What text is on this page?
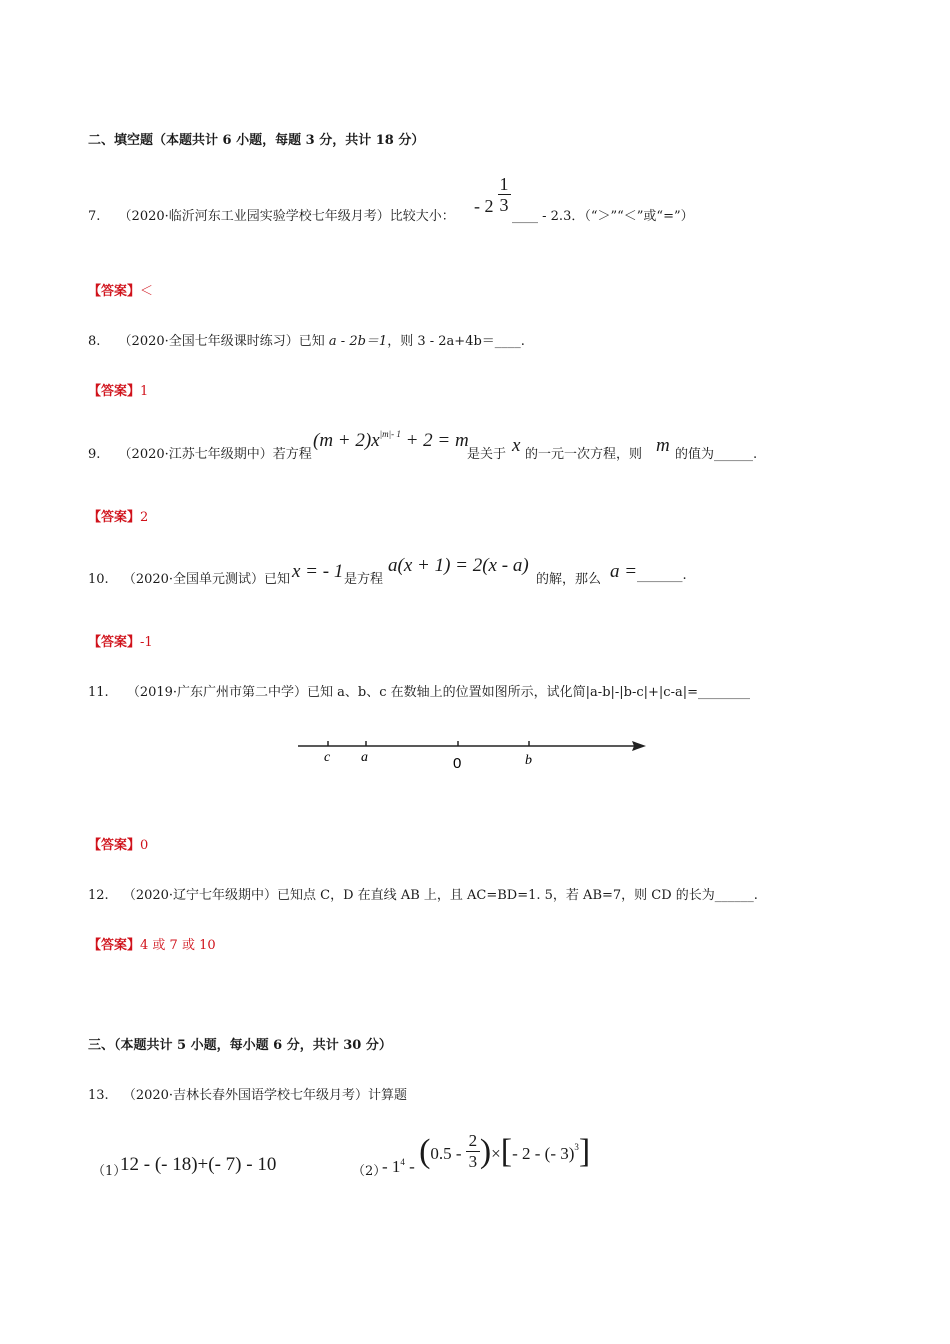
二、填空题（本题共计 6 小题，每题 3 分，共计 18 分）
7. （2020·临沂河东工业园实验学校七年级月考）比较大小：
- $2 \frac{1}{3}$
____ - 2.3．（“＞”“＜”或“=”）
【答案】＜
8. （2020·全国七年级课时练习）已知 a - 2b＝1，则 3 - 2a+4b＝____.
【答案】1
9. （2020·江苏七年级期中）若方程
$(m + 2)x^{|m|- 1} + 2 = m$
是关于 x 的一元一次方程，则 m 的值为______.
【答案】2
10. （2020·全国单元测试）已知 x = - 1 是方程
a(x + 1) = 2(x - a)
的解，那么 a = _______.
【答案】-1
11. （2019·广东广州市第二中学）已知 a、b、c 在数轴上的位置如图所示，试化简|a-b|-|b-c|+|c-a|=________
c a	0	b
【答案】0
12. （2020·辽宁七年级期中）已知点 C，D 在直线 AB 上，且 AC=BD=1. 5，若 AB=7，则 CD 的长为______.
【答案】4 或 7 或 10
三、（本题共计 5 小题，每小题 6 分，共计 30 分）
13. （2020·吉林长春外国语学校七年级月考）计算题
（1）
12 - (- 18)+(- 7) - 10	（2）
- $1_4 - (0.5 - \frac{2}{3}$ )×[- 2 - (- 3)$^3$]
